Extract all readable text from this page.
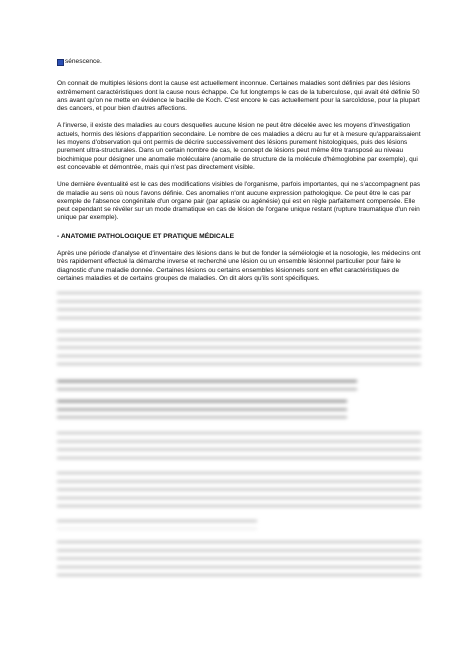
sénescence.

On connait de multiples lésions dont la cause est actuellement inconnue. Certaines maladies sont définies par des lésions extrêmement caractéristiques dont la cause nous échappe. Ce fut longtemps le cas de la tuberculose, qui avait été définie 50 ans avant qu'on ne mette en évidence le bacille de Koch. C'est encore le cas actuellement pour la sarcoïdose, pour la plupart des cancers, et pour bien d'autres affections.

A l'inverse, il existe des maladies au cours desquelles aucune lésion ne peut être décelée avec les moyens d'investigation actuels, hormis des lésions d'apparition secondaire. Le nombre de ces maladies a décru au fur et à mesure qu'apparaissaient les moyens d'observation qui ont permis de décrire successivement des lésions purement histologiques, puis des lésions purement ultra-structurales. Dans un certain nombre de cas, le concept de lésions peut même être transposé au niveau biochimique pour désigner une anomalie moléculaire (anomalie de structure de la molécule d'hémoglobine par exemple), qui est concevable et démontrée, mais qui n'est pas directement visible.

Une dernière éventualité est le cas des modifications visibles de l'organisme, parfois importantes, qui ne s'accompagnent pas de maladie au sens où nous l'avons définie. Ces anomalies n'ont aucune expression pathologique. Ce peut être le cas par exemple de l'absence congénitale d'un organe pair (par aplasie ou agénésie) qui est en règle parfaitement compensée. Elle peut cependant se révéler sur un mode dramatique en cas de lésion de l'organe unique restant (rupture traumatique d'un rein unique par exemple).

- ANATOMIE PATHOLOGIQUE ET PRATIQUE MÉDICALE

Après une période d'analyse et d'inventaire des lésions dans le but de fonder la séméiologie et la nosologie, les médecins ont très rapidement effectué la démarche inverse et recherché une lésion ou un ensemble lésionnel particulier pour faire le diagnostic d'une maladie donnée. Certaines lésions ou certains ensembles lésionnels sont en effet caractéristiques de certaines maladies et de certains groupes de maladies. On dit alors qu'ils sont spécifiques.
